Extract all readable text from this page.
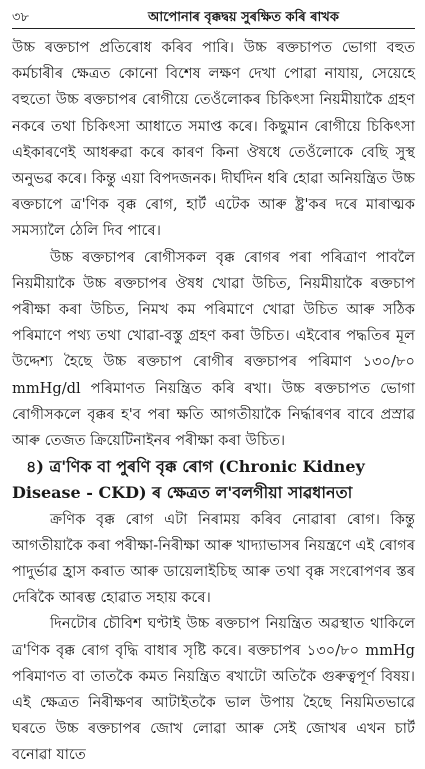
৩৮	আপোনাৰ বৃক্কদ্বয় সুৰক্ষিত কৰি ৰাখক

উচ্চ ৰক্তচাপ প্ৰতিৰোধ কৰিব পাৰি। উচ্চ ৰক্তচাপত ভোগা বহুত কৰ্মচাৰীৰ ক্ষেত্ৰত কোনো বিশেষ লক্ষণ দেখা পোৱা নাযায়, সেয়েহে বহুতো উচ্চ ৰক্তচাপৰ ৰোগীয়ে তেওঁলোকৰ চিকিৎসা নিয়মীয়াকৈ গ্ৰহণ নকৰে তথা চিকিৎসা আধাতে সমাপ্ত কৰে। কিছুমান ৰোগীয়ে চিকিৎসা এইকাৰণেই আধৰুৱা কৰে কাৰণ কিনা ঔষধে তেওঁলোকে বেছি সুস্থ অনুভৱ কৰে। কিন্তু এয়া বিপদজনক। দীৰ্ঘদিন ধৰি হোৱা অনিয়ন্ত্ৰিত উচ্চ ৰক্তচাপে ত্ৰ'ণিক বৃক্ক ৰোগ, হাৰ্ট এটেক আৰু ষ্ট্ৰ'কৰ দৰে মাৰাত্মক সমস্যালৈ ঠেলি দিব পাৰে।

উচ্চ ৰক্তচাপৰ ৰোগীসকল বৃক্ক ৰোগৰ পৰা পৰিত্ৰাণ পাবলৈ নিয়মীয়াকৈ উচ্চ ৰক্তচাপৰ ঔষধ খোৱা উচিত, নিয়মীয়াকৈ ৰক্তচাপ পৰীক্ষা কৰা উচিত, নিমখ কম পৰিমাণে খোৱা উচিত আৰু সঠিক পৰিমাণে পথ্য তথা খোৱা-বস্তু গ্ৰহণ কৰা উচিত। এইবোৰ পদ্ধতিৰ মূল উদ্দেশ্য হৈছে উচ্চ ৰক্তচাপ ৰোগীৰ ৰক্তচাপৰ পৰিমাণ ১৩০/৮০ mmHg/dl পৰিমাণত নিয়ন্ত্ৰিত কৰি ৰখা। উচ্চ ৰক্তচাপত ভোগা ৰোগীসকলে বৃক্কৰ হ'ব পৰা ক্ষতি আগতীয়াকৈ নিৰ্দ্ধাৰণৰ বাবে প্ৰস্ৰাৱ আৰু তেজত ক্ৰিয়েটিনাইনৰ পৰীক্ষা কৰা উচিত।

৪) ত্ৰ'ণিক বা পুৰণি বৃক্ক ৰোগ (Chronic Kidney Disease - CKD) ৰ ক্ষেত্ৰত ল'বলগীয়া সাৱধানতা

ক্ৰণিক বৃক্ক ৰোগ এটা নিৰাময় কৰিব নোৱাৰা ৰোগ। কিন্তু আগতীয়াকৈ কৰা পৰীক্ষা-নিৰীক্ষা আৰু খাদ্যাভাসৰ নিয়ন্ত্ৰণে এই ৰোগৰ পাদুৰ্ভাৱ হ্ৰাস কৰাত আৰু ডায়েলাইচিছ আৰু তথা বৃক্ক সংৰোপণৰ স্তৰ দেৰিকৈ আৰম্ভ হোৱাত সহায় কৰে।

দিনটোৰ চৌবিশ ঘণ্টাই উচ্চ ৰক্তচাপ নিয়ন্ত্ৰিত অৱস্থাত থাকিলে ত্ৰ'ণিক বৃক্ক ৰোগ বৃদ্ধি বাধাৰ সৃষ্টি কৰে। ৰক্তচাপৰ ১৩০/৮০ mmHg পৰিমাণত বা তাতকৈ কমত নিয়ন্ত্ৰিত ৰখাটো অতিকৈ গুৰুত্বপূৰ্ণ বিষয়। এই ক্ষেত্ৰত নিৰীক্ষণৰ আটাইতকৈ ভাল উপায় হৈছে নিয়মিতভাৱে ঘৰতে উচ্চ ৰক্তচাপৰ জোখ লোৱা আৰু সেই জোখৰ এখন চাৰ্ট বনোৱা যাতে
